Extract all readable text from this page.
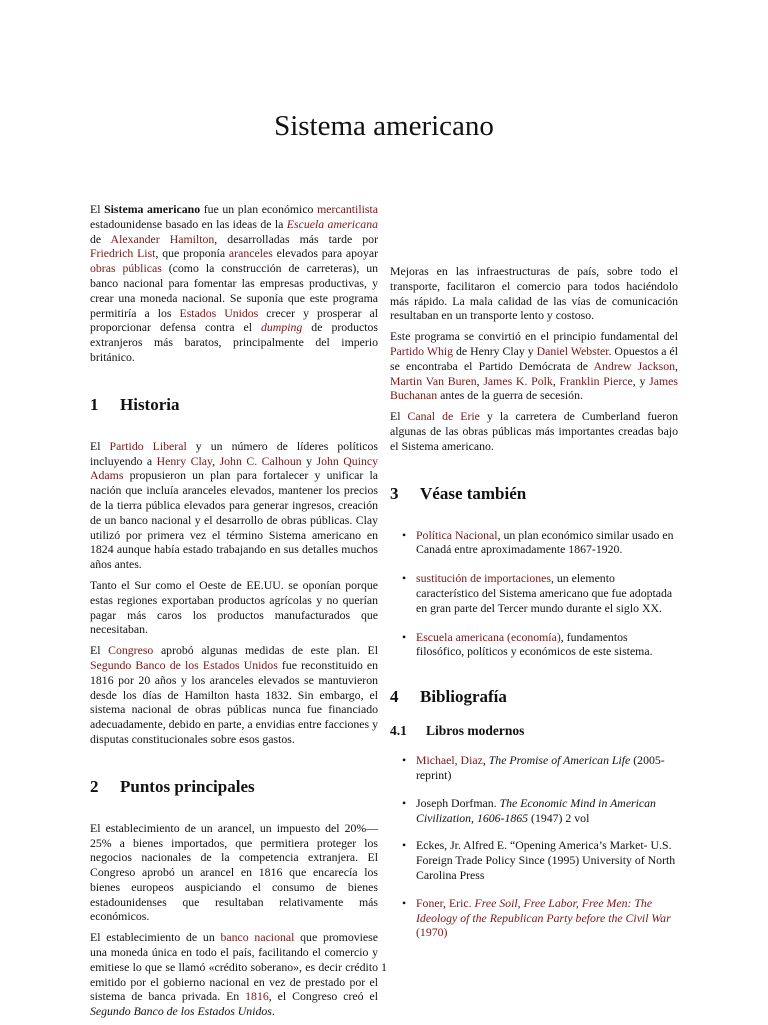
Sistema americano

El Sistema americano fue un plan económico mercantilista estadounidense basado en las ideas de la Escuela americana de Alexander Hamilton, desarrolladas más tarde por Friedrich List, que proponía aranceles elevados para apoyar obras públicas (como la construcción de carreteras), un banco nacional para fomentar las empresas productivas, y crear una moneda nacional. Se suponía que este programa permitiría a los Estados Unidos crecer y prosperar al proporcionar defensa contra el dumping de productos extranjeros más baratos, principalmente del imperio británico.

1 Historia

El Partido Liberal y un número de líderes políticos incluyendo a Henry Clay, John C. Calhoun y John Quincy Adams propusieron un plan para fortalecer y unificar la nación que incluía aranceles elevados, mantener los precios de la tierra pública elevados para generar ingresos, creación de un banco nacional y el desarrollo de obras públicas. Clay utilizó por primera vez el término Sistema americano en 1824 aunque había estado trabajando en sus detalles muchos años antes.

Tanto el Sur como el Oeste de EE.UU. se oponían porque estas regiones exportaban productos agrícolas y no querían pagar más caros los productos manufacturados que necesitaban.

El Congreso aprobó algunas medidas de este plan. El Segundo Banco de los Estados Unidos fue reconstituido en 1816 por 20 años y los aranceles elevados se mantuvieron desde los días de Hamilton hasta 1832. Sin embargo, el sistema nacional de obras públicas nunca fue financiado adecuadamente, debido en parte, a envidias entre facciones y disputas constitucionales sobre esos gastos.

2 Puntos principales

El establecimiento de un arancel, un impuesto del 20%—25% a bienes importados, que permitiera proteger los negocios nacionales de la competencia extranjera. El Congreso aprobó un arancel en 1816 que encarecía los bienes europeos auspiciando el consumo de bienes estadounidenses que resultaban relativamente más económicos.

El establecimiento de un banco nacional que promoviese una moneda única en todo el país, facilitando el comercio y emitiese lo que se llamó «crédito soberano», es decir crédito emitido por el gobierno nacional en vez de prestado por el sistema de banca privada. En 1816, el Congreso creó el Segundo Banco de los Estados Unidos.

Mejoras en las infraestructuras de país, sobre todo el transporte, facilitaron el comercio para todos haciéndolo más rápido. La mala calidad de las vías de comunicación resultaban en un transporte lento y costoso.

Este programa se convirtió en el principio fundamental del Partido Whig de Henry Clay y Daniel Webster. Opuestos a él se encontraba el Partido Demócrata de Andrew Jackson, Martin Van Buren, James K. Polk, Franklin Pierce, y James Buchanan antes de la guerra de secesión.

El Canal de Erie y la carretera de Cumberland fueron algunas de las obras públicas más importantes creadas bajo el Sistema americano.

3 Véase también
• Política Nacional, un plan económico similar usado en Canadá entre aproximadamente 1867-1920.
• sustitución de importaciones, un elemento característico del Sistema americano que fue adoptada en gran parte del Tercer mundo durante el siglo XX.
• Escuela americana (economía), fundamentos filosófico, políticos y económicos de este sistema.
4 Bibliografía
4.1 Libros modernos
• Michael, Diaz, The Promise of American Life (2005-reprint)
• Joseph Dorfman. The Economic Mind in American Civilization, 1606-1865 (1947) 2 vol
• Eckes, Jr. Alfred E. “Opening America’s Market- U.S. Foreign Trade Policy Since (1995) University of North Carolina Press
• Foner, Eric. Free Soil, Free Labor, Free Men: The Ideology of the Republican Party before the Civil War (1970)
1
